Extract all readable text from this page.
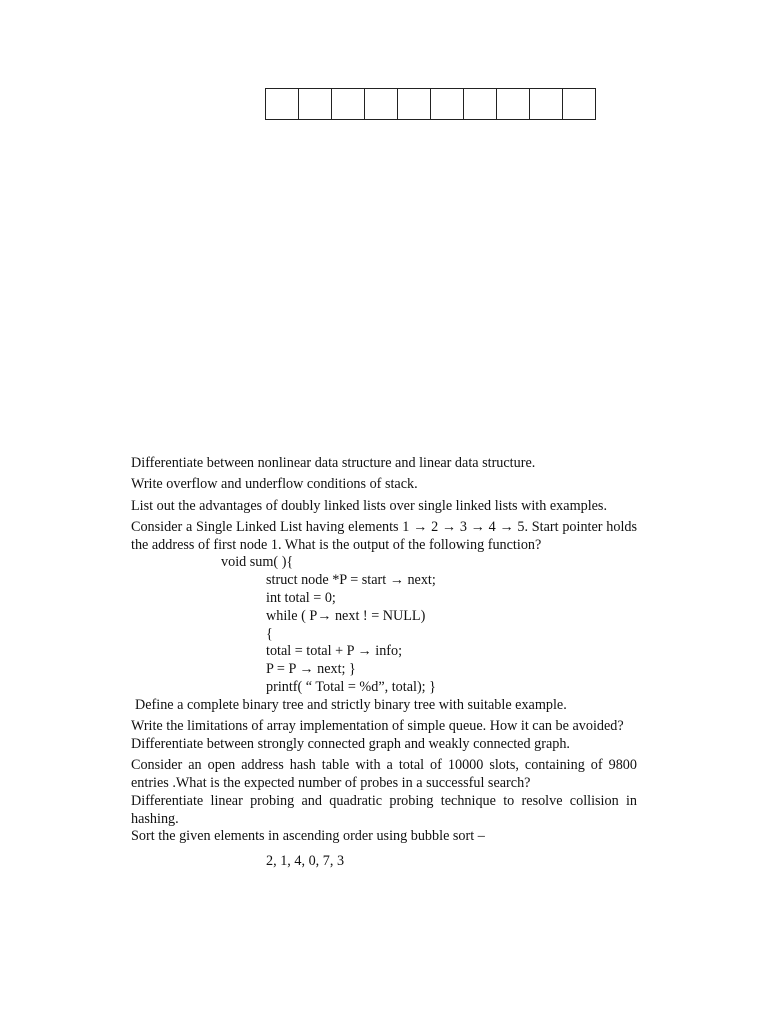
Differentiate between nonlinear data structure and linear data structure.

Write overflow and underflow conditions of stack.

List out the advantages of doubly linked lists over single linked lists with examples.

Consider a Single Linked List having elements 1 → 2 → 3 → 4 → 5. Start pointer holds the address of first node 1. What is the output of the following function?

void sum( ){

struct node *P = start → next;

int total = 0;

while ( P→ next ! = NULL)

{

total = total + P → info;

P = P → next; }

printf( “ Total = %d”, total); }

Define a complete binary tree and strictly binary tree with suitable example.

Write the limitations of array implementation of simple queue. How it can be avoided?

Differentiate between strongly connected graph and weakly connected graph.

Consider an open address hash table with a total of 10000 slots, containing of 9800 entries .What is the expected number of probes in a successful search?

Differentiate linear probing and quadratic probing technique to resolve collision in hashing.

Sort the given elements in ascending order using bubble sort –

2, 1, 4, 0, 7, 3
